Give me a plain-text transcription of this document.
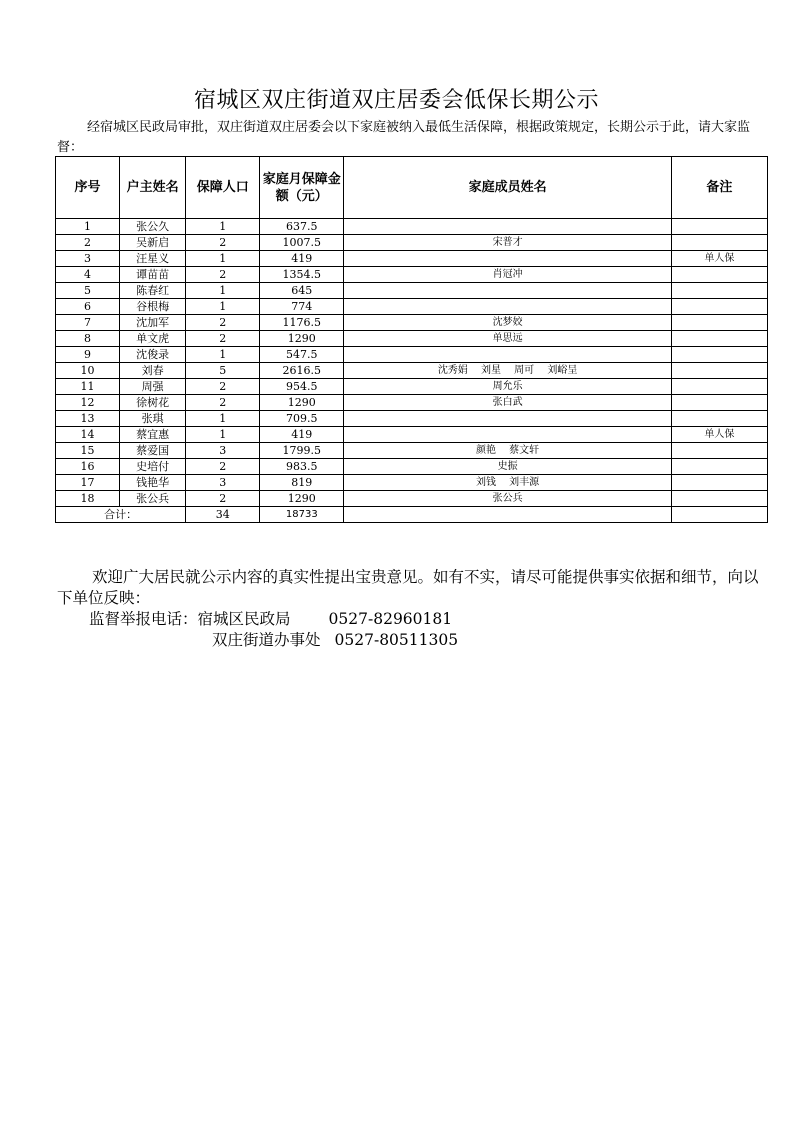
宿城区双庄街道双庄居委会低保长期公示
经宿城区民政局审批，双庄街道双庄居委会以下家庭被纳入最低生活保障，根据政策规定，长期公示于此，请大家监督：
序号	户主姓名	保障人口	家庭月保障金额（元）	家庭成员姓名	备注
1	张公久	1	637.5		
2	吴新启	2	1007.5	宋普才	
3	汪星义	1	419		单人保
4	谭苗苗	2	1354.5	肖冠冲	
5	陈春红	1	645		
6	谷根梅	1	774		
7	沈加军	2	1176.5	沈梦姣	
8	单文虎	2	1290	单思远	
9	沈俊录	1	547.5		
10	刘春	5	2616.5	沈秀娟 刘星 周可 刘峪呈	
11	周强	2	954.5	周允乐	
12	徐树花	2	1290	张白武	
13	张琪	1	709.5		
14	蔡宜惠	1	419		单人保
15	蔡爱国	3	1799.5	颜艳 蔡文轩	
16	史培付	2	983.5	史振	
17	钱艳华	3	819	刘钱 刘丰源	
18	张公兵	2	1290	张公兵	
合计：		34	18733		
欢迎广大居民就公示内容的真实性提出宝贵意见。如有不实，请尽可能提供事实依据和细节，向以下单位反映：
监督举报电话：宿城区民政局 0527-82960181
双庄街道办事处 0527-80511305
